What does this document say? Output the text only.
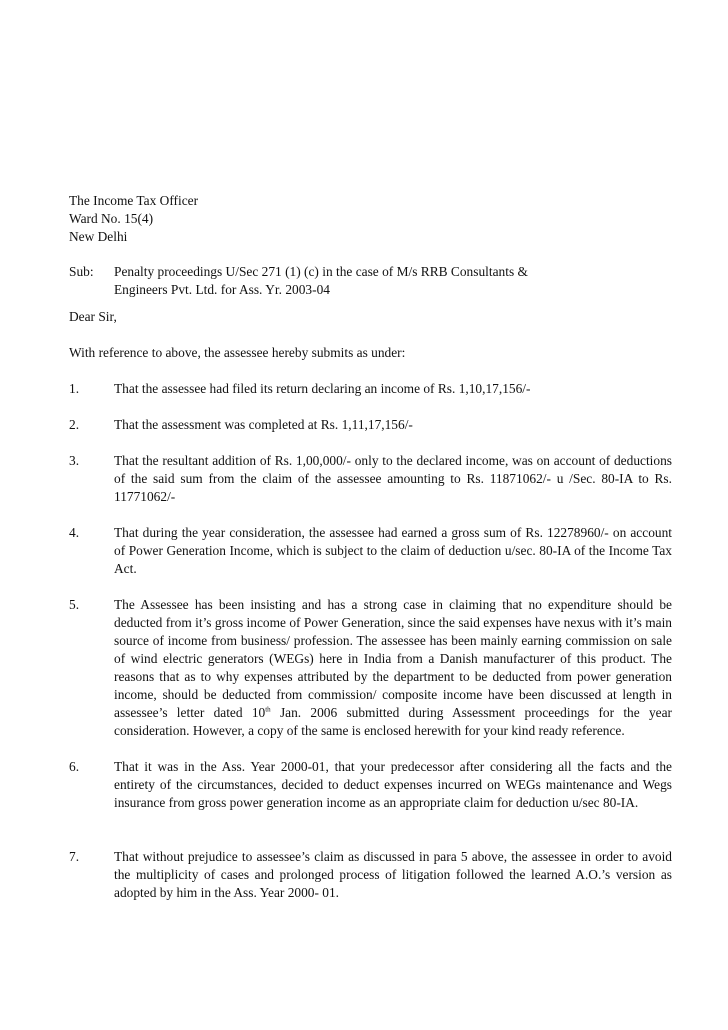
The Income Tax Officer
Ward No. 15(4)
New Delhi
Sub: Penalty proceedings U/Sec 271 (1) (c) in the case of M/s RRB Consultants &
Engineers Pvt. Ltd. for Ass. Yr. 2003-04
Dear Sir,
With reference to above, the assessee hereby submits as under:
1.	That the assessee had filed its return declaring an income of Rs. 1,10,17,156/-
2.	That the assessment was completed at Rs. 1,11,17,156/-
3.	That the resultant addition of Rs. 1,00,000/- only to the declared income, was on account of deductions of the said sum from the claim of the assessee amounting to Rs. 11871062/- u /Sec. 80-IA to Rs. 11771062/-
4.	That during the year consideration, the assessee had earned a gross sum of Rs. 12278960/- on account of Power Generation Income, which is subject to the claim of deduction u/sec. 80-IA of the Income Tax Act.
5.	The Assessee has been insisting and has a strong case in claiming that no expenditure should be deducted from it’s gross income of Power Generation, since the said expenses have nexus with it’s main source of income from business/ profession. The assessee has been mainly earning commission on sale of wind electric generators (WEGs) here in India from a Danish manufacturer of this product. The reasons that as to why expenses attributed by the department to be deducted from power generation income, should be deducted from commission/ composite income have been discussed at length in assessee’s letter dated 10th Jan. 2006 submitted during Assessment proceedings for the year consideration. However, a copy of the same is enclosed herewith for your kind ready reference.
6.	That it was in the Ass. Year 2000-01, that your predecessor after considering all the facts and the entirety of the circumstances, decided to deduct expenses incurred on WEGs maintenance and Wegs insurance from gross power generation income as an appropriate claim for deduction u/sec 80-IA.
7.	That without prejudice to assessee’s claim as discussed in para 5 above, the assessee in order to avoid the multiplicity of cases and prolonged process of litigation followed the learned A.O.’s version as adopted by him in the Ass. Year 2000- 01.
